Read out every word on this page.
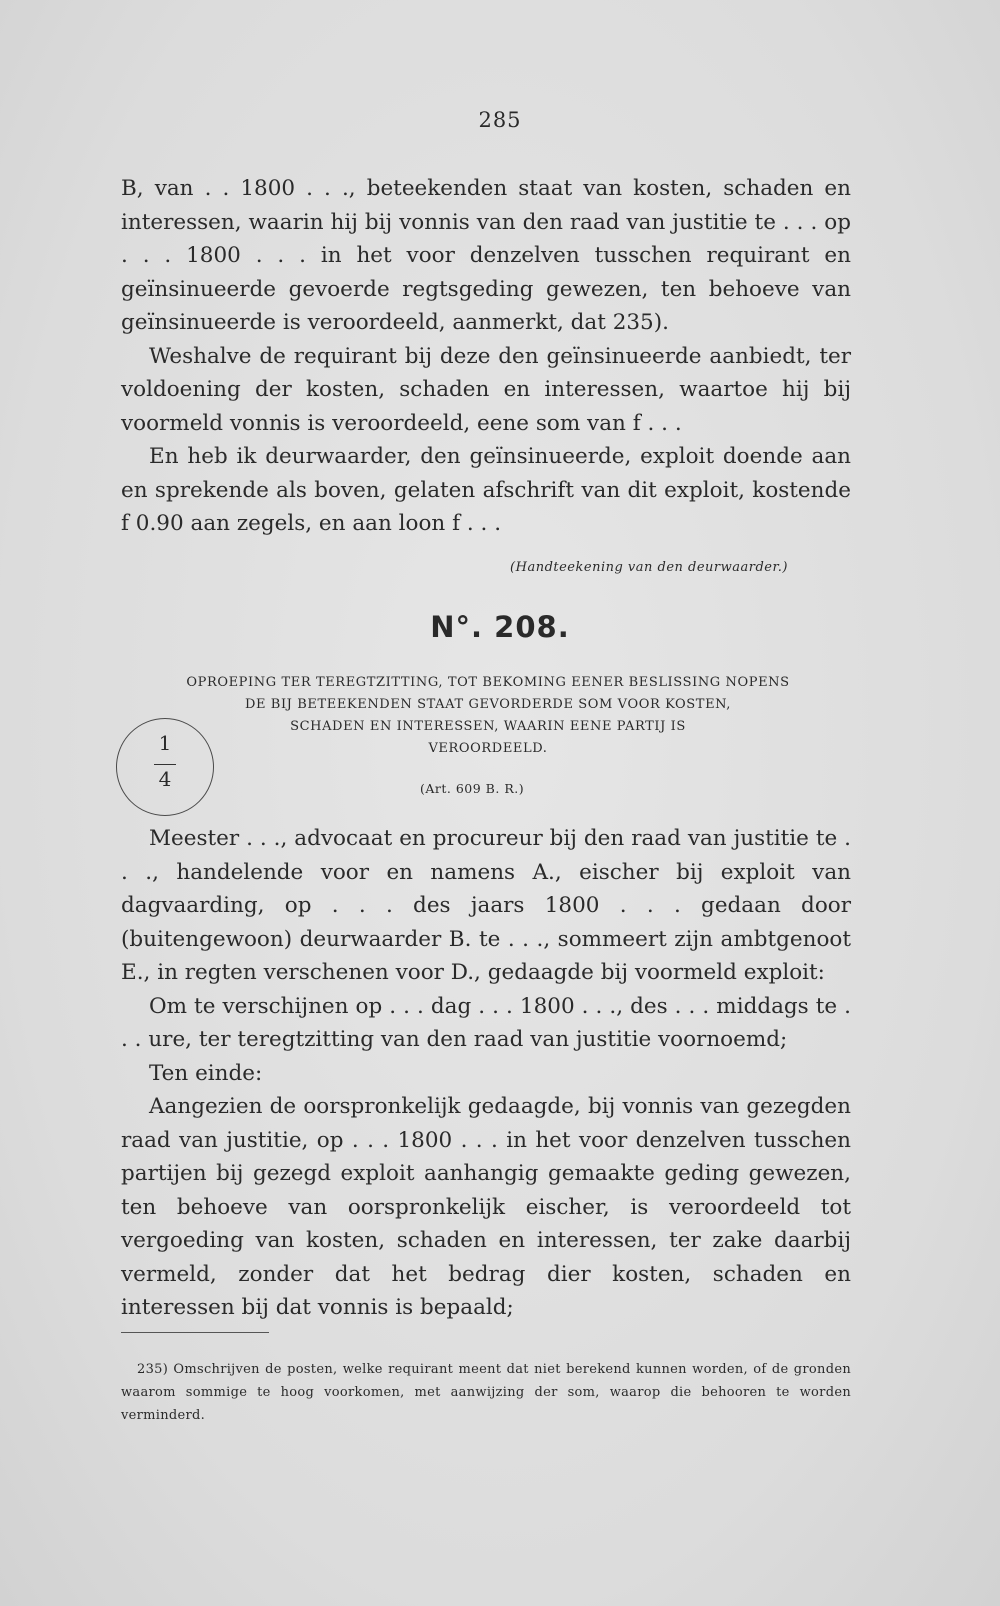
285

B, van . . 1800 . . ., beteekenden staat van kosten, schaden en interessen, waarin hij bij vonnis van den raad van justitie te . . . op . . . 1800 . . . in het voor denzelven tusschen requirant en geïnsinueerde gevoerde regtsgeding gewezen, ten behoeve van geïnsinueerde is veroordeeld, aanmerkt, dat 235).

Weshalve de requirant bij deze den geïnsinueerde aanbiedt, ter voldoening der kosten, schaden en interessen, waartoe hij bij voormeld vonnis is veroordeeld, eene som van f . . .

En heb ik deurwaarder, den geïnsinueerde, exploit doende aan en sprekende als boven, gelaten afschrift van dit exploit, kostende f 0.90 aan zegels, en aan loon f . . .

(Handteekening van den deurwaarder.)
N°. 208.
OPROEPING TER TEREGTZITTING, TOT BEKOMING EENER BESLISSING NOPENS
DE BIJ BETEEKENDEN STAAT GEVORDERDE SOM VOOR KOSTEN,
SCHADEN EN INTERESSEN, WAARIN EENE PARTIJ IS
VEROORDEELD.
(Art. 609 B. R.)
1
4

Meester . . ., advocaat en procureur bij den raad van justitie te . . ., handelende voor en namens A., eischer bij exploit van dagvaarding, op . . . des jaars 1800 . . . gedaan door (buitengewoon) deurwaarder B. te . . ., sommeert zijn ambtgenoot E., in regten verschenen voor D., gedaagde bij voormeld exploit:

Om te verschijnen op . . . dag . . . 1800 . . ., des . . . middags te . . . ure, ter teregtzitting van den raad van justitie voornoemd;

Ten einde:

Aangezien de oorspronkelijk gedaagde, bij vonnis van gezegden raad van justitie, op . . . 1800 . . . in het voor denzelven tusschen partijen bij gezegd exploit aanhangig gemaakte geding gewezen, ten behoeve van oorspronkelijk eischer, is veroordeeld tot vergoeding van kosten, schaden en interessen, ter zake daarbij vermeld, zonder dat het bedrag dier kosten, schaden en interessen bij dat vonnis is bepaald;

235) Omschrijven de posten, welke requirant meent dat niet berekend kunnen worden, of de gronden waarom sommige te hoog voorkomen, met aanwijzing der som, waarop die behooren te worden verminderd.
